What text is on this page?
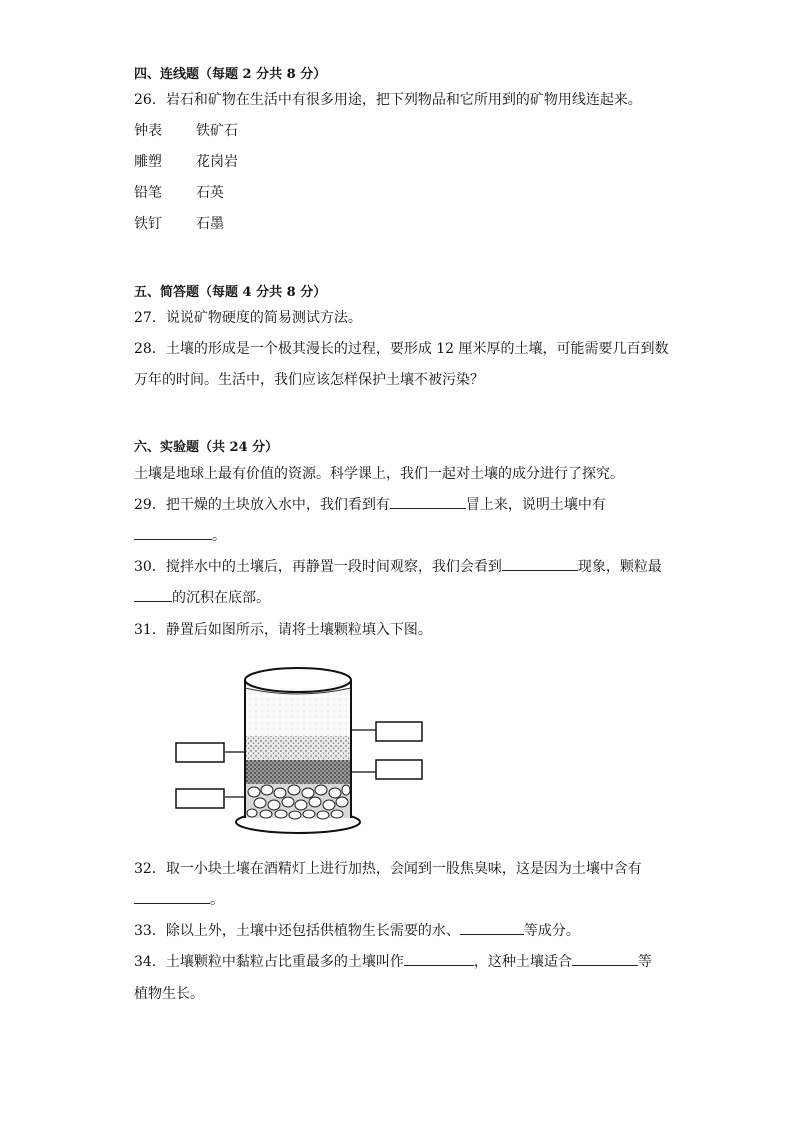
四、连线题（每题 2 分共 8 分）
26．岩石和矿物在生活中有很多用途，把下列物品和它所用到的矿物用线连起来。
钟表 铁矿石
雕塑 花岗岩
铅笔 石英
铁钉 石墨
五、简答题（每题 4 分共 8 分）
27．说说矿物硬度的简易测试方法。
28．土壤的形成是一个极其漫长的过程，要形成 12 厘米厚的土壤，可能需要几百到数
万年的时间。生活中，我们应该怎样保护土壤不被污染？
六、实验题（共 24 分）
土壤是地球上最有价值的资源。科学课上，我们一起对土壤的成分进行了探究。
29．把干燥的土块放入水中，我们看到有	冒上来，说明土壤中有
。
30．搅拌水中的土壤后，再静置一段时间观察，我们会看到	现象，颗粒最
的沉积在底部。
31．静置后如图所示，请将土壤颗粒填入下图。
32．取一小块土壤在酒精灯上进行加热，会闻到一股焦臭味，这是因为土壤中含有
。
33．除以上外，土壤中还包括供植物生长需要的水、	等成分。
34．土壤颗粒中黏粒占比重最多的土壤叫作	，这种土壤适合	等
植物生长。
